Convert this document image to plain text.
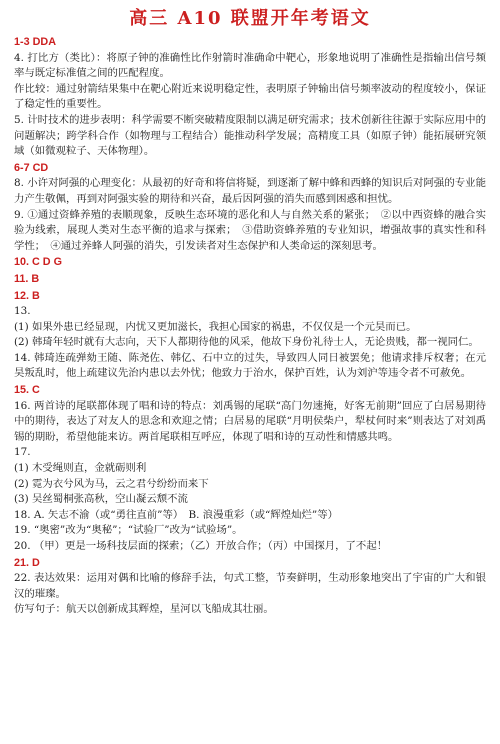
高三 A10 联盟开年考语文

1-3 DDA

4. 打比方（类比）：将原子钟的准确性比作射箭时准确命中靶心，形象地说明了准确性是指输出信号频率与既定标准值之间的匹配程度。

作比较：通过射箭结果集中在靶心附近来说明稳定性，表明原子钟输出信号频率波动的程度较小，保证了稳定性的重要性。

5. 计时技术的进步表明：科学需要不断突破精度限制以满足研究需求；技术创新往往源于实际应用中的问题解决；跨学科合作（如物理与工程结合）能推动科学发展；高精度工具（如原子钟）能拓展研究领域（如微观粒子、天体物理）。

6-7 CD

8. 小许对阿强的心理变化：从最初的好奇和将信将疑，到逐渐了解中蜂和西蜂的知识后对阿强的专业能力产生敬佩，再到对阿强实验的期待和兴奋，最后因阿强的消失而感到困惑和担忧。

9. ①通过资蜂养殖的表顺现象，反映生态环境的恶化和人与自然关系的紧张；　②以中西资蜂的融合实验为线索，展现人类对生态平衡的追求与探索；　③借助资蜂养殖的专业知识，增强故事的真实性和科学性；　④通过养蜂人阿强的消失，引发读者对生态保护和人类命运的深刻思考。

10. C D G

11. B

12. B

13.

(1) 如果外患已经显现，内忧又更加滋长，我担心国家的祸患，不仅仅是一个元昊而已。

(2) 韩琦年轻时就有大志向，天下人都期待他的风采，他故下身份礼待士人，无论贵贱，都一视同仁。

14. 韩琦连疏弹劾王随、陈尧佐、韩亿、石中立的过失，导致四人同日被罢免；他请求排斥权奢；在元昊叛乱时，他上疏建议先治内患以去外忧；他致力于治水，保护百姓，认为刘沪等违令者不可赦免。

15. C

16. 两首诗的尾联都体现了唱和诗的特点：刘禹锡的尾联“高门勿速掩，好客无前期”回应了白居易期待中的期待，表达了对友人的思念和欢迎之情；白居易的尾联“月明侯柴户，犁杖何时来”则表达了对刘禹锡的期盼，希望他能来访。两首尾联相互呼应，体现了唱和诗的互动性和情感共鸣。

17.

(1) 木受绳则直，金就砺则利

(2) 霓为衣兮风为马，云之君兮纷纷而来下

(3) 吴丝蜀桐张高秋，空山凝云颓不流

18. A. 矢志不渝（或“勇往直前”等）　B. 浪漫重彩（或“辉煌灿烂”等）

19. “奥密”改为“奥秘”；“试验厂”改为“试验场”。

20. （甲）更是一场科技层面的探索；（乙）开放合作；（丙）中国探月，了不起！

21. D

22. 表达效果：运用对偶和比喻的修辞手法，句式工整，节奏鲜明，生动形象地突出了宇宙的广大和银汉的璀璨。

仿写句子：航天以创新成其辉煌，星河以飞船成其壮丽。
